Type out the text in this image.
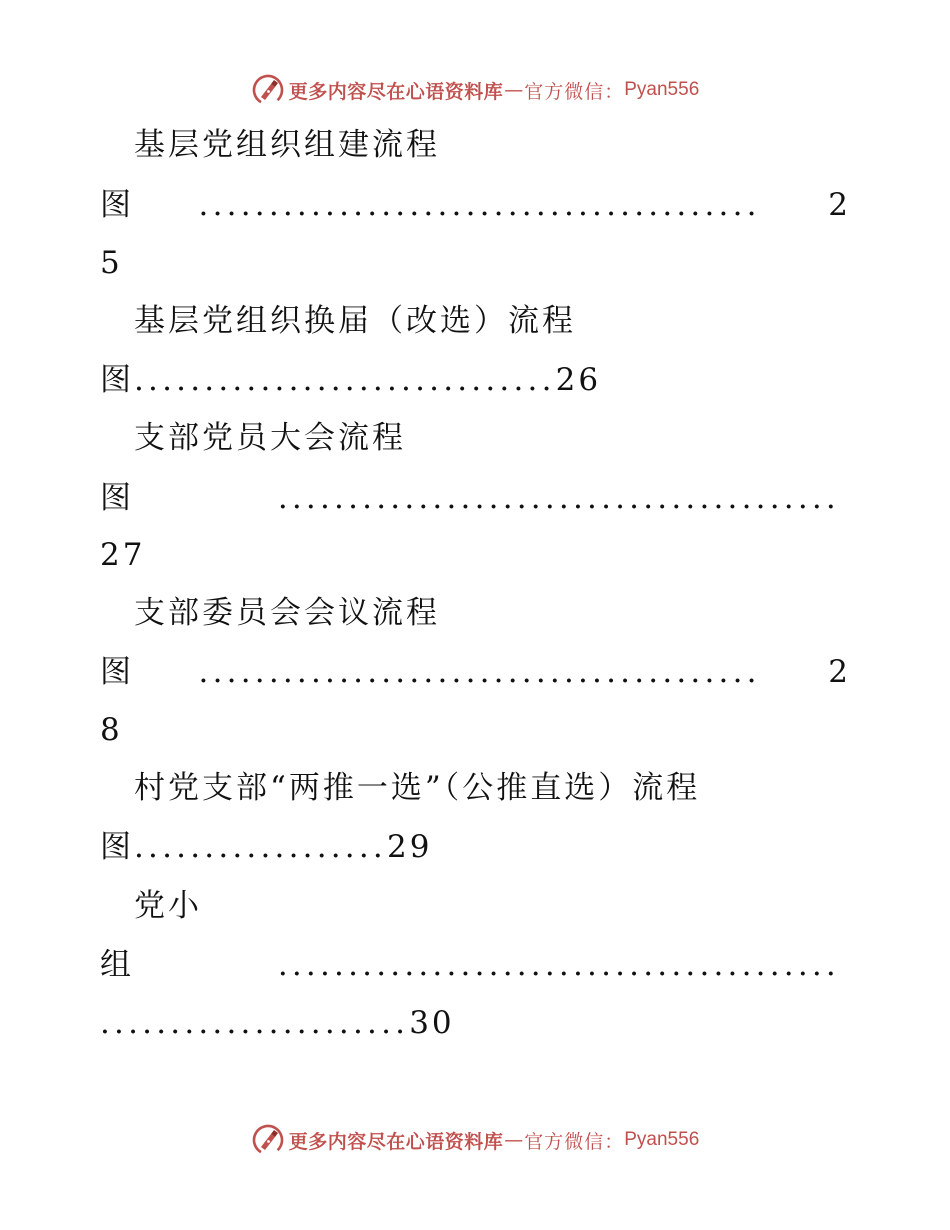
更多内容尽在心语资料库 — 官方微信： Pyan556
基层党组织组建流程
图 ........................................ 2
5
基层党组织换届（改选）流程
图..............................26
支部党员大会流程
图	........................................
27
支部委员会会议流程
图 ........................................ 2
8
村党支部“两推一选”（公推直选）流程
图..................29
党小
组	........................................
......................30
更多内容尽在心语资料库 — 官方微信： Pyan556
